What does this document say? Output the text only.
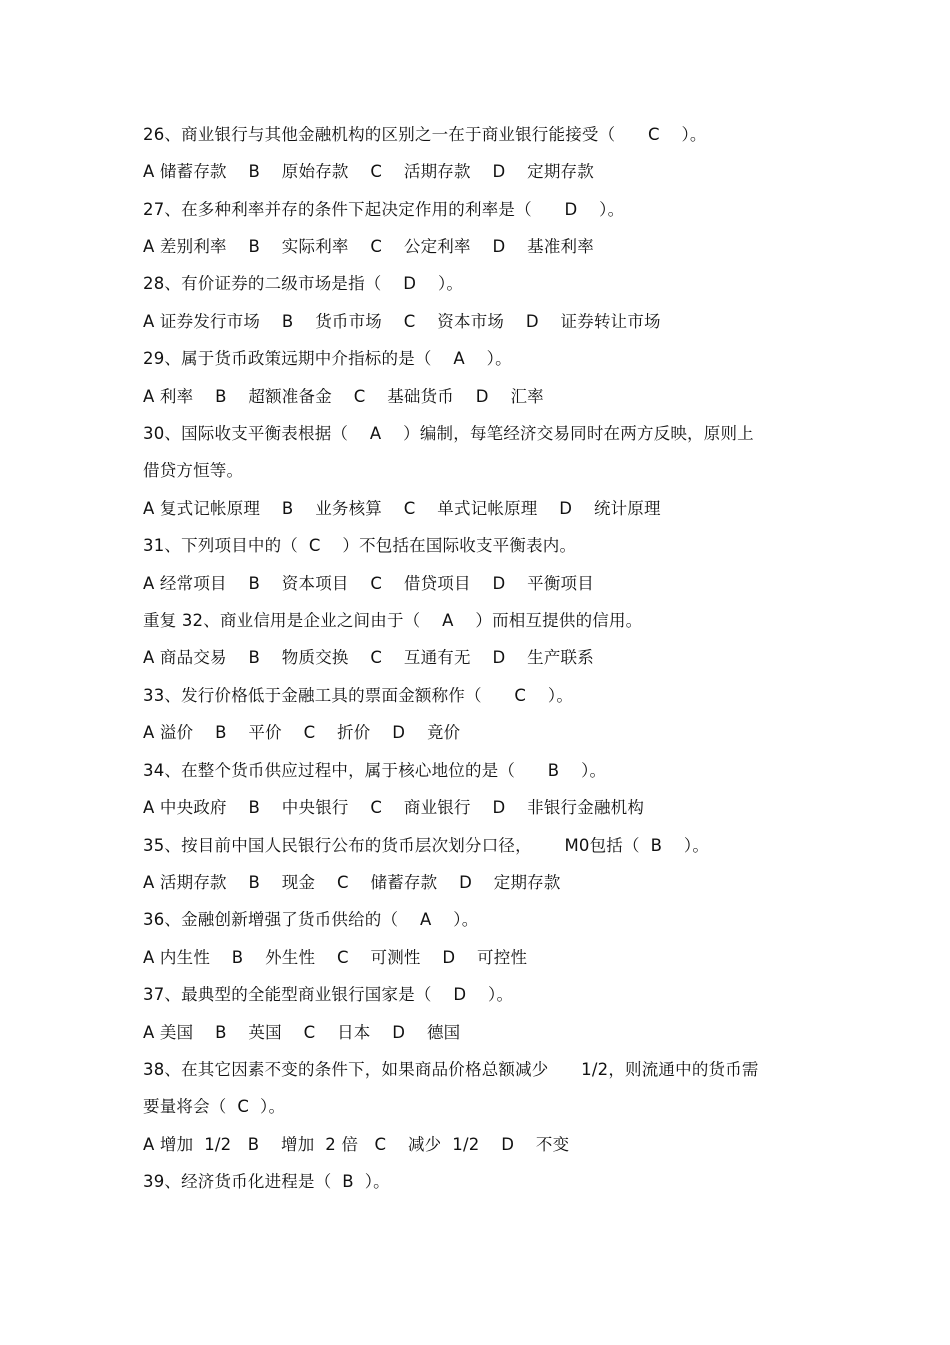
26、商业银行与其他金融机构的区别之一在于商业银行能接受（      C    ）。
A 储蓄存款    B    原始存款    C    活期存款    D    定期存款
27、在多种利率并存的条件下起决定作用的利率是（      D    ）。
A 差别利率    B    实际利率    C    公定利率    D    基准利率
28、有价证券的二级市场是指（    D    ）。
A 证券发行市场    B    货币市场    C    资本市场    D    证券转让市场
29、属于货币政策远期中介指标的是（    A    ）。
A 利率    B    超额准备金    C    基础货币    D    汇率
30、国际收支平衡表根据（    A    ）编制，每笔经济交易同时在两方反映，原则上
借贷方恒等。
A 复式记帐原理    B    业务核算    C    单式记帐原理    D    统计原理
31、下列项目中的（  C    ）不包括在国际收支平衡表内。
A 经常项目    B    资本项目    C    借贷项目    D    平衡项目
重复 32、商业信用是企业之间由于（    A    ）而相互提供的信用。
A 商品交易    B    物质交换    C    互通有无    D    生产联系
33、发行价格低于金融工具的票面金额称作（      C    ）。
A 溢价    B    平价    C    折价    D    竟价
34、在整个货币供应过程中，属于核心地位的是（      B    ）。
A 中央政府    B    中央银行    C    商业银行    D    非银行金融机构
35、按目前中国人民银行公布的货币层次划分口径，      M0包括（  B    ）。
A 活期存款    B    现金    C    储蓄存款    D    定期存款
36、金融创新增强了货币供给的（    A    ）。
A 内生性    B    外生性    C    可测性    D    可控性
37、最典型的全能型商业银行国家是（    D    ）。
A 美国    B    英国    C    日本    D    德国
38、在其它因素不变的条件下，如果商品价格总额减少      1/2，则流通中的货币需
要量将会（  C  ）。
A 增加  1/2   B    增加  2 倍   C    减少  1/2    D    不变
39、经济货币化进程是（  B  ）。
